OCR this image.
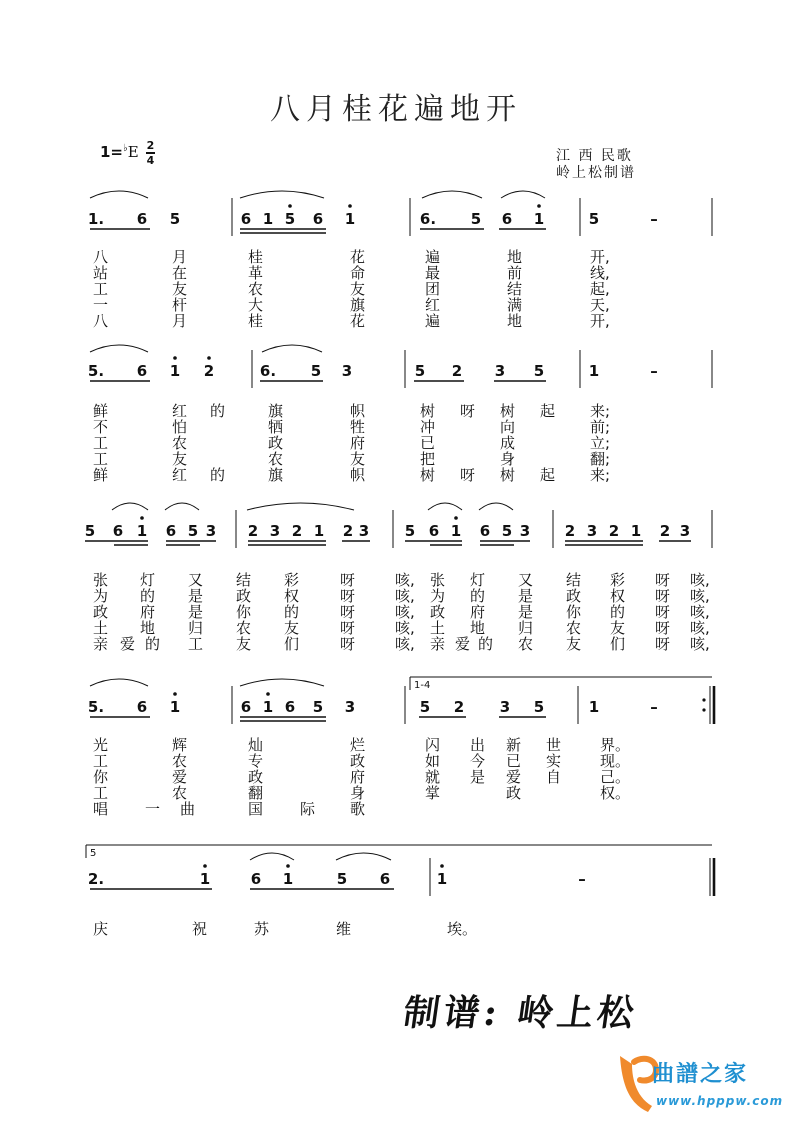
八月桂花遍地开
1=♭E 2
4	江 西 民歌
岭上松制谱
1. 6 5	6 1 5 6 1	6. 5 6 1	5	–
八	月	桂	花	遍	地	开,
站	在	革	命	最	前	线,
工	友	农	友	团	结	起,
一	杆	大	旗	红	满	天,
八	月	桂	花	遍	地	开,
5. 6 1 2	6. 5 3	5 2 3 5	1	–
鲜	红 的	旗	帜	树 呀 树 起 来;
不	怕	牺	牲	冲	向	前;
工	农	政	府	已	成	立;
工	友	农	友	把	身	翻;
鲜	红 的	旗	帜	树 呀 树 起 来;
5 6 1 6 5 3 2 3 2 1 2 3 5 6 1 6 5 3 2 3 2 1 2 3
张 灯 又 结 彩	呀	咳, 张 灯 又 结 彩 呀 咳,
为 的 是 政 权	呀	咳, 为 的 是 政 权 呀 咳,
政 府 是 你 的	呀	咳, 政 府 是 你 的 呀 咳,
土 地 归 农 友	呀	咳, 土 地 归 农 友 呀 咳,
亲 爱 的 工 友 们	呀	咳, 亲 爱 的 农 友 们 呀 咳,
5. 6 1	6 1 6 5 3	5 2 3 5	1	–
光	辉	灿	烂	闪 出 新 世	界。
工	农	专	政	如 今 已 实	现。
你	爱	政	府	就 是 爱 自	己。
工	农	翻	身	掌	政	权。
唱 一 曲	国 际 歌
2.	1	6 1	5 6	1	–
庆	祝	苏	维	埃。
1-4
5
制谱: 岭上松
曲譜之家
www.hpppw.com
